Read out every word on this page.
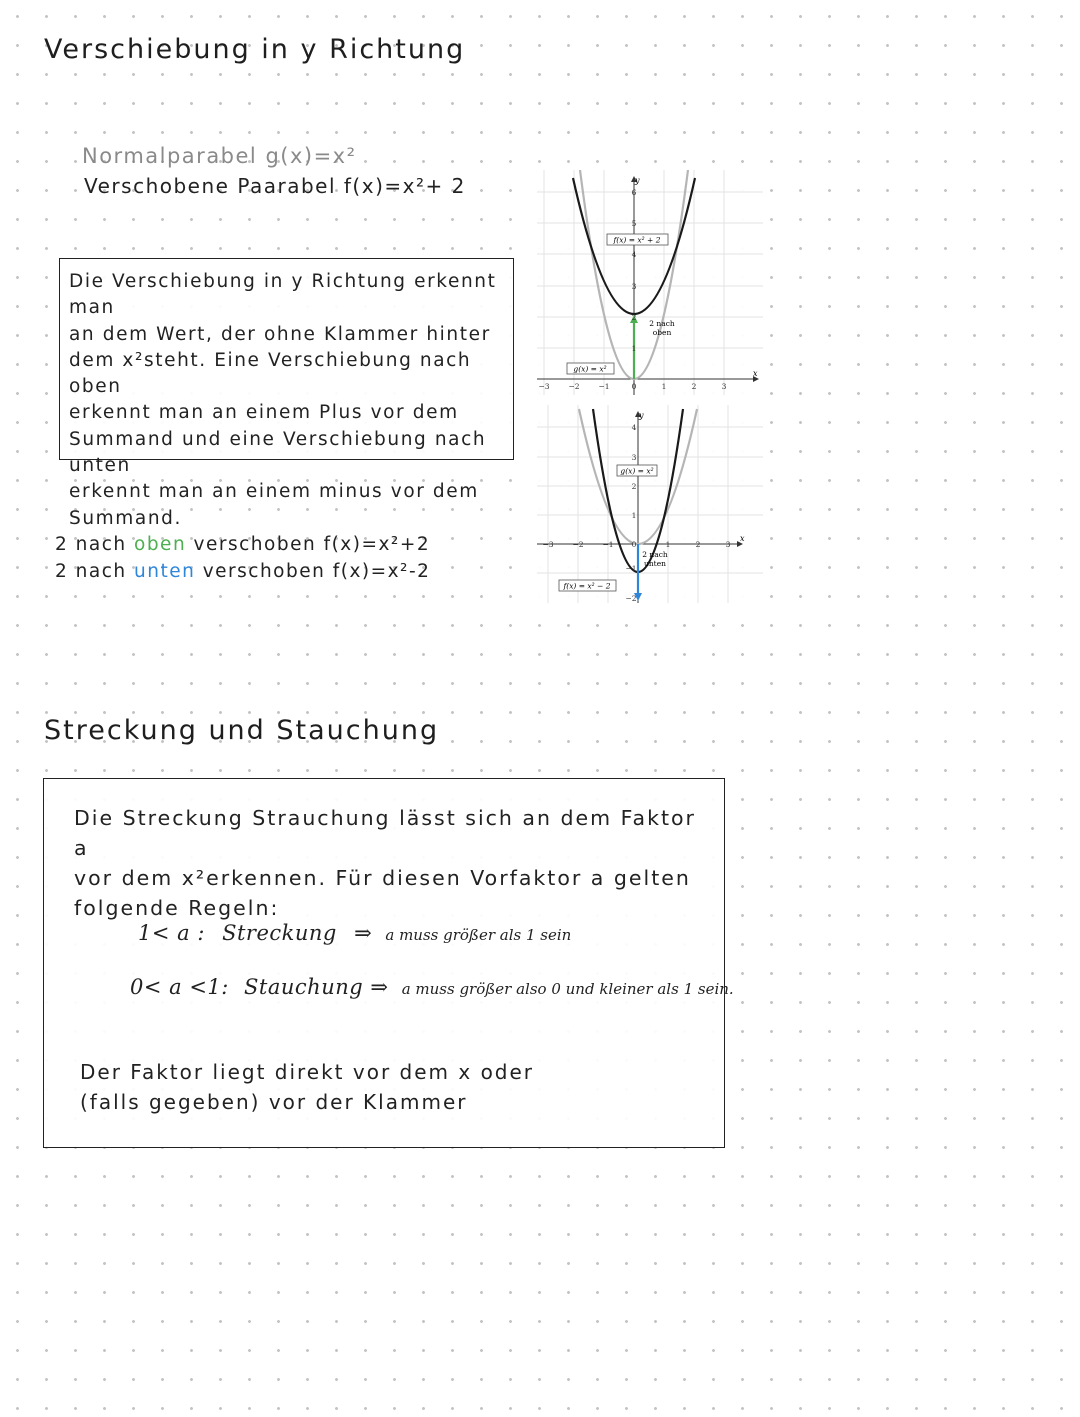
Verschiebung in y Richtung
Normalparabel g(x)=x²
Verschobene Paarabel f(x)=x²+ 2

Die Verschiebung in y Richtung erkennt man

an dem Wert, der ohne Klammer hinter

dem x²steht. Eine Verschiebung nach oben

erkennt man an einem Plus vor dem

Summand und eine Verschiebung nach unten

erkennt man an einem minus vor dem

Summand.

2 nach oben verschoben f(x)=x²+2
2 nach unten verschoben f(x)=x²-2
y
x
6
5
4
3
2
1
−3	−2	−1	0	1	2	3
f(x) = x² + 2
g(x) = x²
2 nach
oben
y
x
4
3
2
1
−1
−2
−3	−2	−1 0	1	2	3
g(x) = x²
f(x) = x² − 2
2 nach
unten
Streckung und Stauchung

Die Streckung Strauchung lässt sich an dem Faktor a

vor dem x²erkennen. Für diesen Vorfaktor a gelten

folgende Regeln:

1< a : Streckung ⇒ a muss größer als 1 sein
0< a <1: Stauchung ⇒ a muss größer also 0 und kleiner als 1 sein.

Der Faktor liegt direkt vor dem x oder

(falls gegeben) vor der Klammer
